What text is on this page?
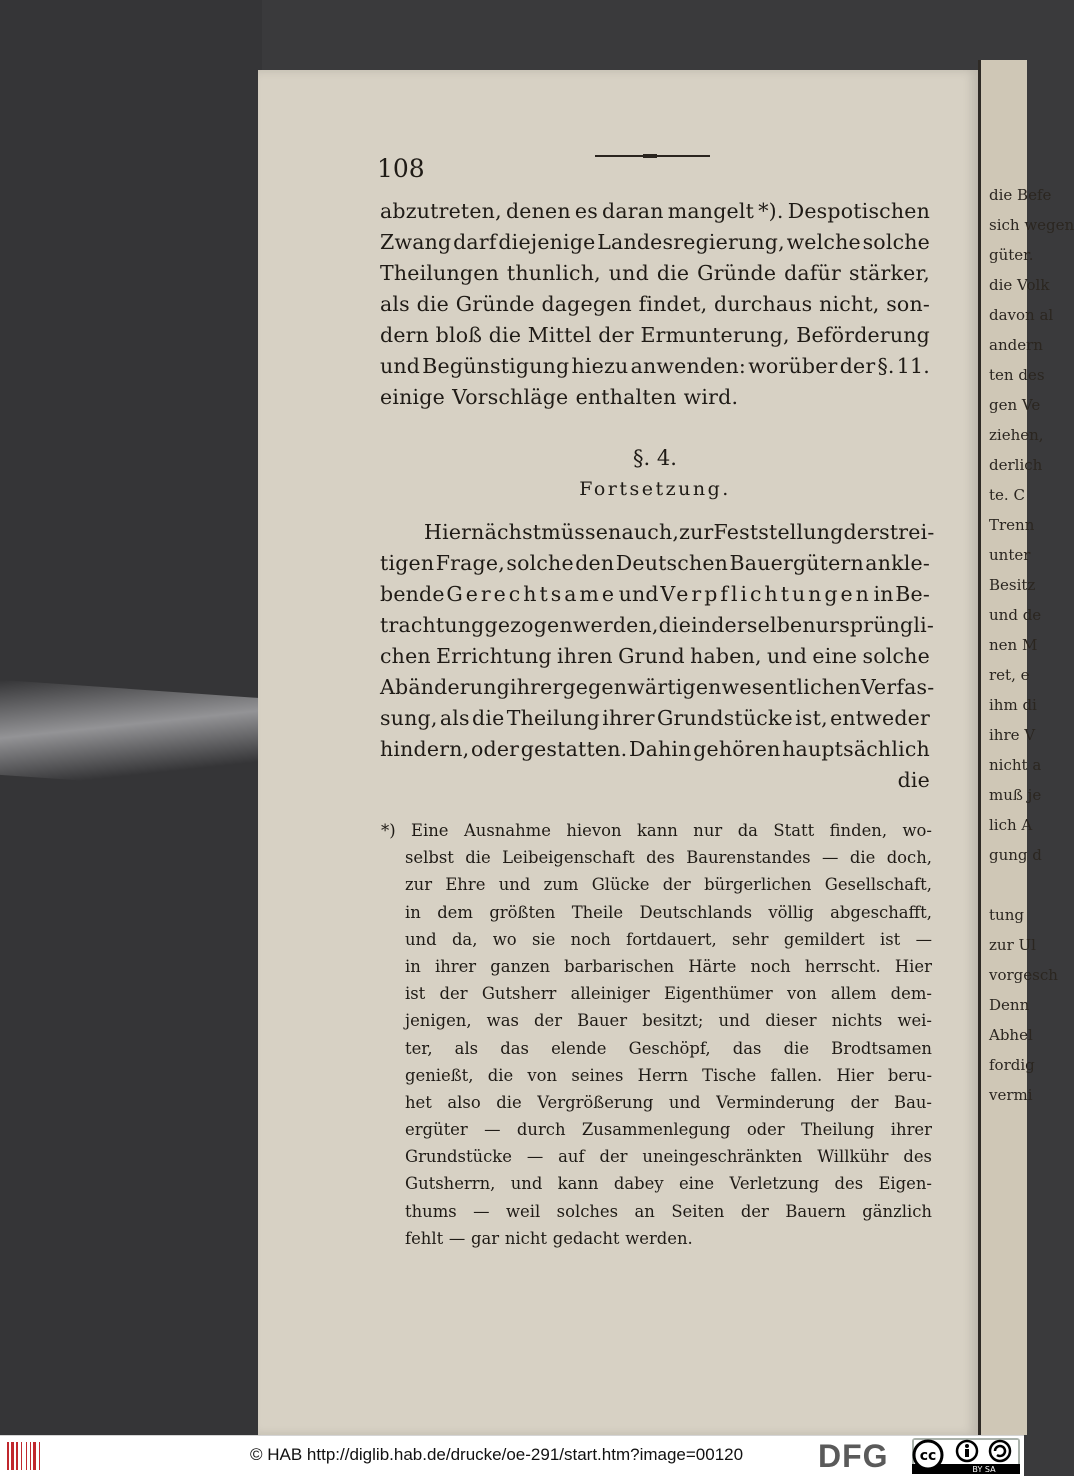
die Befe
sich wegen
güter.
die Volk
davon al
andern
ten des
gen Ve
ziehen,
derlich
te. C
Trenn
unter
Besitz
und de
nen M
ret, e
ihm di
ihre V
nicht a
muß je
lich A
gung d

tung
zur Ul
vorgesch
Denn
Abhel
fordig
vermi
108
abzutreten, denen es daran mangelt *). Despotischen
Zwang darf diejenige Landesregierung, welche solche
Theilungen thunlich, und die Gründe dafür stärker,
als die Gründe dagegen findet, durchaus nicht, son-
dern bloß die Mittel der Ermunterung, Beförderung
und Begünstigung hiezu anwenden: worüber der §. 11.
einige Vorschläge enthalten wird.
§. 4.
Fortsetzung.
Hiernächst müssen auch, zur Feststellung der strei-
tigen Frage, solche den Deutschen Bauergütern ankle-
bende Gerechtsame und Verpflichtungen in Be-
trachtung gezogen werden, die in derselben ursprüngli-
chen Errichtung ihren Grund haben, und eine solche
Abänderung ihrer gegenwärtigen wesentlichen Verfas-
sung, als die Theilung ihrer Grundstücke ist, entweder
hindern, oder gestatten. Dahin gehören hauptsächlich
die
*) Eine Ausnahme hievon kann nur da Statt finden, wo-
selbst die Leibeigenschaft des Baurenstandes — die doch,
zur Ehre und zum Glücke der bürgerlichen Gesellschaft,
in dem größten Theile Deutschlands völlig abgeschafft,
und da, wo sie noch fortdauert, sehr gemildert ist —
in ihrer ganzen barbarischen Härte noch herrscht. Hier
ist der Gutsherr alleiniger Eigenthümer von allem dem-
jenigen, was der Bauer besitzt; und dieser nichts wei-
ter, als das elende Geschöpf, das die Brodtsamen
genießt, die von seines Herrn Tische fallen. Hier beru-
het also die Vergrößerung und Verminderung der Bau-
ergüter — durch Zusammenlegung oder Theilung ihrer
Grundstücke — auf der uneingeschränkten Willkühr des
Gutsherrn, und kann dabey eine Verletzung des Eigen-
thums — weil solches an Seiten der Bauern gänzlich
fehlt — gar nicht gedacht werden.
© HAB http://diglib.hab.de/drucke/oe-291/start.htm?image=00120 DFG cc
BY SA
